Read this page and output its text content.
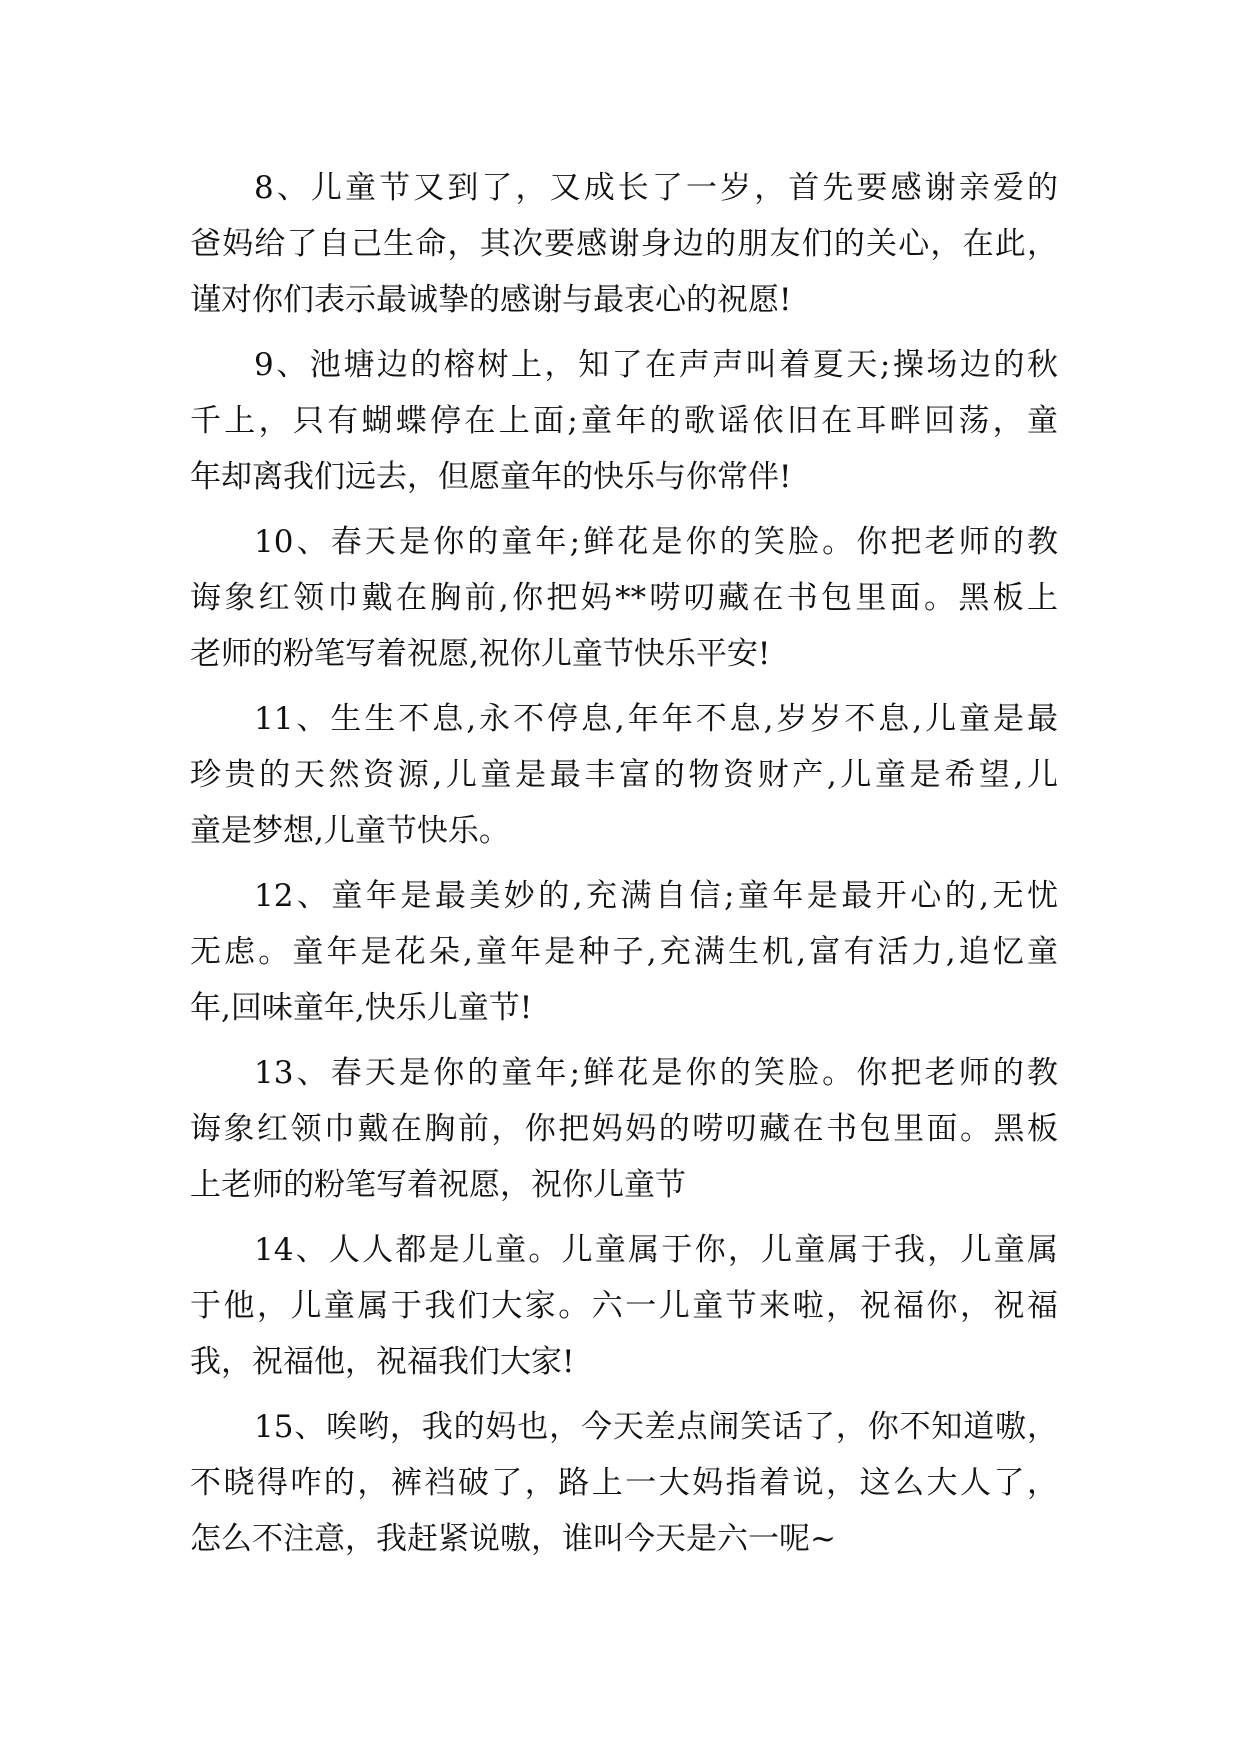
8、儿童节又到了，又成长了一岁，首先要感谢亲爱的
爸妈给了自己生命，其次要感谢身边的朋友们的关心，在此，
谨对你们表示最诚挚的感谢与最衷心的祝愿!
9、池塘边的榕树上，知了在声声叫着夏天;操场边的秋
千上，只有蝴蝶停在上面;童年的歌谣依旧在耳畔回荡，童
年却离我们远去，但愿童年的快乐与你常伴!
10、春天是你的童年;鲜花是你的笑脸。你把老师的教
诲象红领巾戴在胸前,你把妈**唠叨藏在书包里面。黑板上
老师的粉笔写着祝愿,祝你儿童节快乐平安!
11、生生不息,永不停息,年年不息,岁岁不息,儿童是最
珍贵的天然资源,儿童是最丰富的物资财产,儿童是希望,儿
童是梦想,儿童节快乐。
12、童年是最美妙的,充满自信;童年是最开心的,无忧
无虑。童年是花朵,童年是种子,充满生机,富有活力,追忆童
年,回味童年,快乐儿童节!
13、春天是你的童年;鲜花是你的笑脸。你把老师的教
诲象红领巾戴在胸前，你把妈妈的唠叨藏在书包里面。黑板
上老师的粉笔写着祝愿，祝你儿童节
14、人人都是儿童。儿童属于你，儿童属于我，儿童属
于他，儿童属于我们大家。六一儿童节来啦，祝福你，祝福
我，祝福他，祝福我们大家!
15、唉哟，我的妈也，今天差点闹笑话了，你不知道嗷，
不晓得咋的，裤裆破了，路上一大妈指着说，这么大人了，
怎么不注意，我赶紧说嗷，谁叫今天是六一呢~
